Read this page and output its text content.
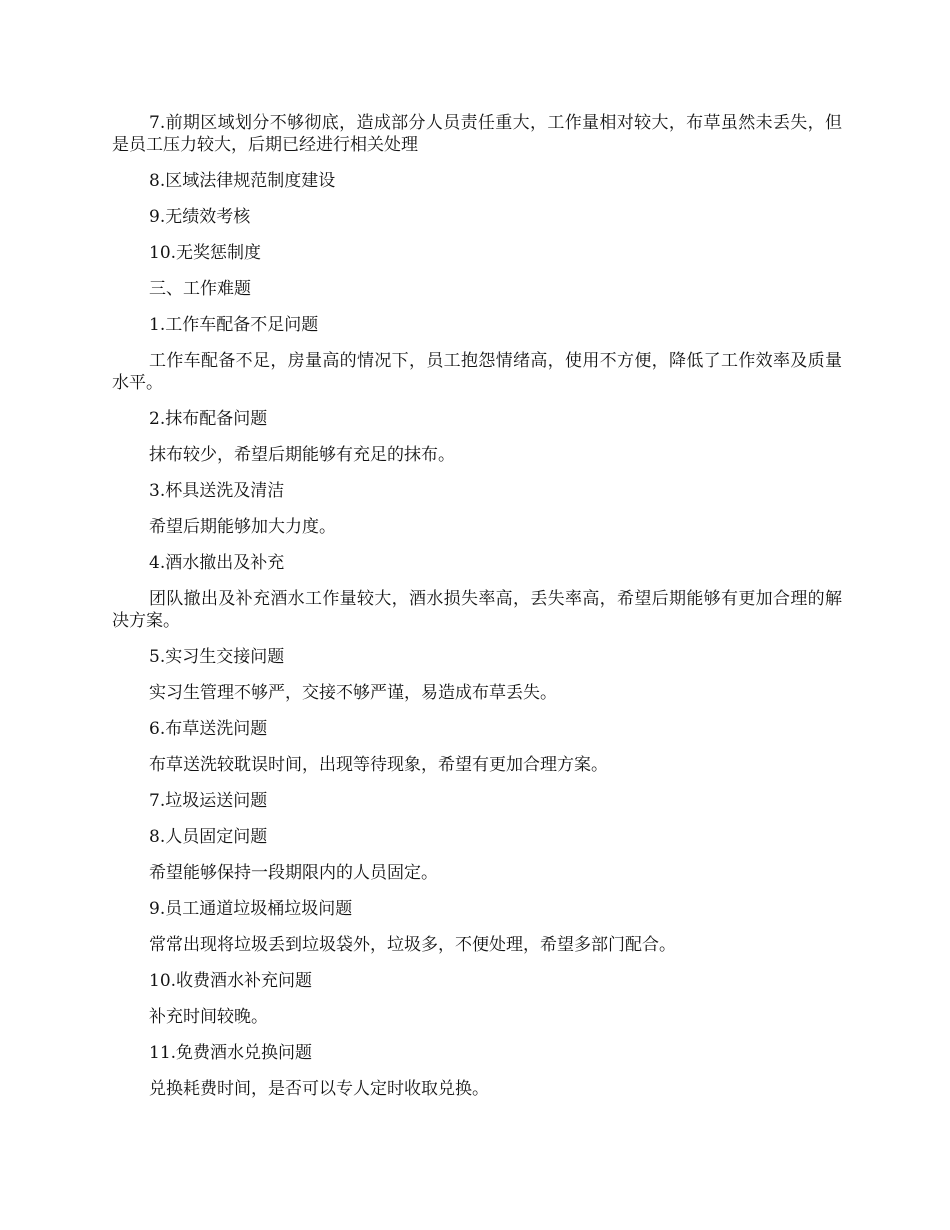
7.前期区域划分不够彻底，造成部分人员责任重大，工作量相对较大，布草虽然未丢失，但是员工压力较大，后期已经进行相关处理

8.区域法律规范制度建设

9.无绩效考核

10.无奖惩制度

三、工作难题

1.工作车配备不足问题

工作车配备不足，房量高的情况下，员工抱怨情绪高，使用不方便，降低了工作效率及质量水平。

2.抹布配备问题

抹布较少，希望后期能够有充足的抹布。

3.杯具送洗及清洁

希望后期能够加大力度。

4.酒水撤出及补充

团队撤出及补充酒水工作量较大，酒水损失率高，丢失率高，希望后期能够有更加合理的解决方案。

5.实习生交接问题

实习生管理不够严，交接不够严谨，易造成布草丢失。

6.布草送洗问题

布草送洗较耽误时间，出现等待现象，希望有更加合理方案。

7.垃圾运送问题

8.人员固定问题

希望能够保持一段期限内的人员固定。

9.员工通道垃圾桶垃圾问题

常常出现将垃圾丢到垃圾袋外，垃圾多，不便处理，希望多部门配合。

10.收费酒水补充问题

补充时间较晚。

11.免费酒水兑换问题

兑换耗费时间，是否可以专人定时收取兑换。
